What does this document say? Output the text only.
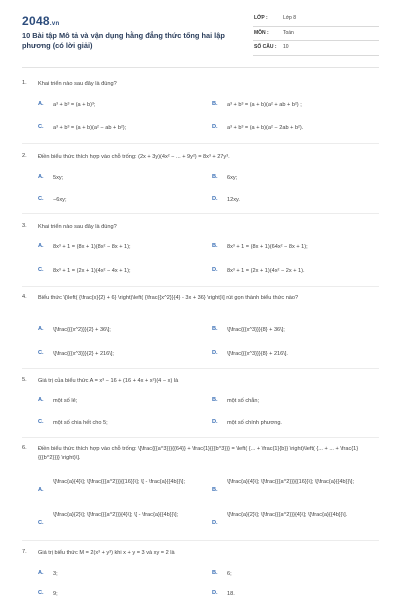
2048.vn
10 Bài tập Mô tả và vận dụng hằng đẳng thức tổng hai lập phương (có lời giải)
LỚP :	Lớp 8
MÔN :	Toán
SỐ CÂU : 10
1. Khai triển nào sau đây là đúng?
A. a³ + b³ = (a + b)³;	B. a³ + b³ = (a + b)(a² + ab + b²) ;
C. a³ + b³ = (a + b)(a² − ab + b²);	D. a³ + b³ = (a + b)(a² − 2ab + b²).
2. Điền biểu thức thích hợp vào chỗ trống: (2x + 3y)(4x² − ... + 9y²) = 8x³ + 27y³.
A. 5xy;	B. 6xy;
C. −6xy;	D. 12xy.
3. Khai triển nào sau đây là đúng?
A. 8x³ + 1 = (8x + 1)(8x² − 8x + 1);	B. 8x³ + 1 = (8x + 1)(64x² − 8x + 1);
C. 8x³ + 1 = (2x + 1)(4x² − 4x + 1);	D. 8x³ + 1 = (2x + 1)(4x² − 2x + 1).
4. Biểu thức \[\left( {\frac{x}{2} + 6} \right)\left( {\frac{{x^2}}{4} - 3x + 36} \right)\] rút gọn thành biểu thức nào?
A. \[\frac{{{x^2}}}{2} + 36\];	B. \[\frac{{{x^3}}}{8} + 36\];
C. \[\frac{{{x^3}}}{2} + 216\];	D. \[\frac{{{x^3}}}{8} + 216\].
5. Giá trị của biểu thức A = x³ − 16 + (16 + 4x + x²)(4 − x) là
A. một số lẻ;	B. một số chẵn;
C. một số chia hết cho 5;	D. một số chính phương.
6. Điền biểu thức thích hợp vào chỗ trống: \[\frac{{{a^3}}}{{64}} + \frac{1}{{{b^3}}} = \left( {... + \frac{1}{b}} \right)\left( {... + ... + \frac{1}{{{b^2}}}} \right)\].
A.
\[\frac{a}{4}\]; \[\frac{{{a^2}}}{{16}}\]; \[ - \frac{a}{{4b}}\];
B.
\[\frac{a}{4}\]; \[\frac{{{a^2}}}{{16}}\]; \[\frac{a}{{4b}}\];
C.
\[\frac{a}{2}\]; \[\frac{{{a^2}}}{4}\]; \[ - \frac{a}{{4b}}\];
D.
\[\frac{a}{2}\]; \[\frac{{{a^2}}}{4}\]; \[\frac{a}{{4b}}\].
7. Giá trị biểu thức M = 2(x³ + y³) khi x + y = 3 và xy = 2 là
A. 3;	B. 6;
C. 9;	D. 18.
